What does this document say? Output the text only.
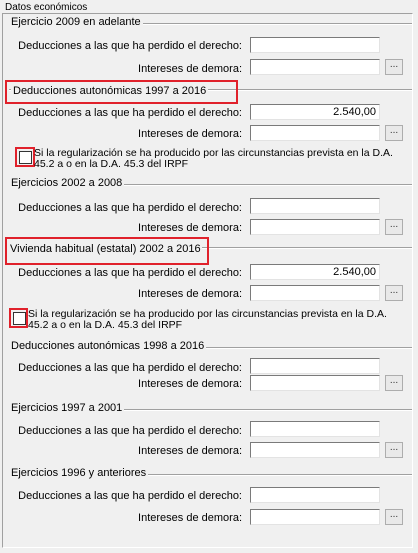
Datos económicos
Ejercicio 2009 en adelante
Deducciones a las que ha perdido el derecho:
Intereses de demora:	...
Deducciones autonómicas 1997 a 2016
Deducciones a las que ha perdido el derecho:	2.540,00
Intereses de demora:	...
Si la regularización se ha producido por las circunstancias prevista en la D.A. 45.2 a o en la D.A. 45.3 del IRPF
Ejercicios 2002 a 2008
Deducciones a las que ha perdido el derecho:
Intereses de demora:	...
Vivienda habitual (estatal) 2002 a 2016
Deducciones a las que ha perdido el derecho:	2.540,00
Intereses de demora:	...
Si la regularización se ha producido por las circunstancias prevista en la D.A. 45.2 a o en la D.A. 45.3 del IRPF
Deducciones autonómicas 1998 a 2016
Deducciones a las que ha perdido el derecho:
Intereses de demora:	...
Ejercicios 1997 a 2001
Deducciones a las que ha perdido el derecho:
Intereses de demora:	...
Ejercicios 1996 y anteriores
Deducciones a las que ha perdido el derecho:
Intereses de demora:	...
